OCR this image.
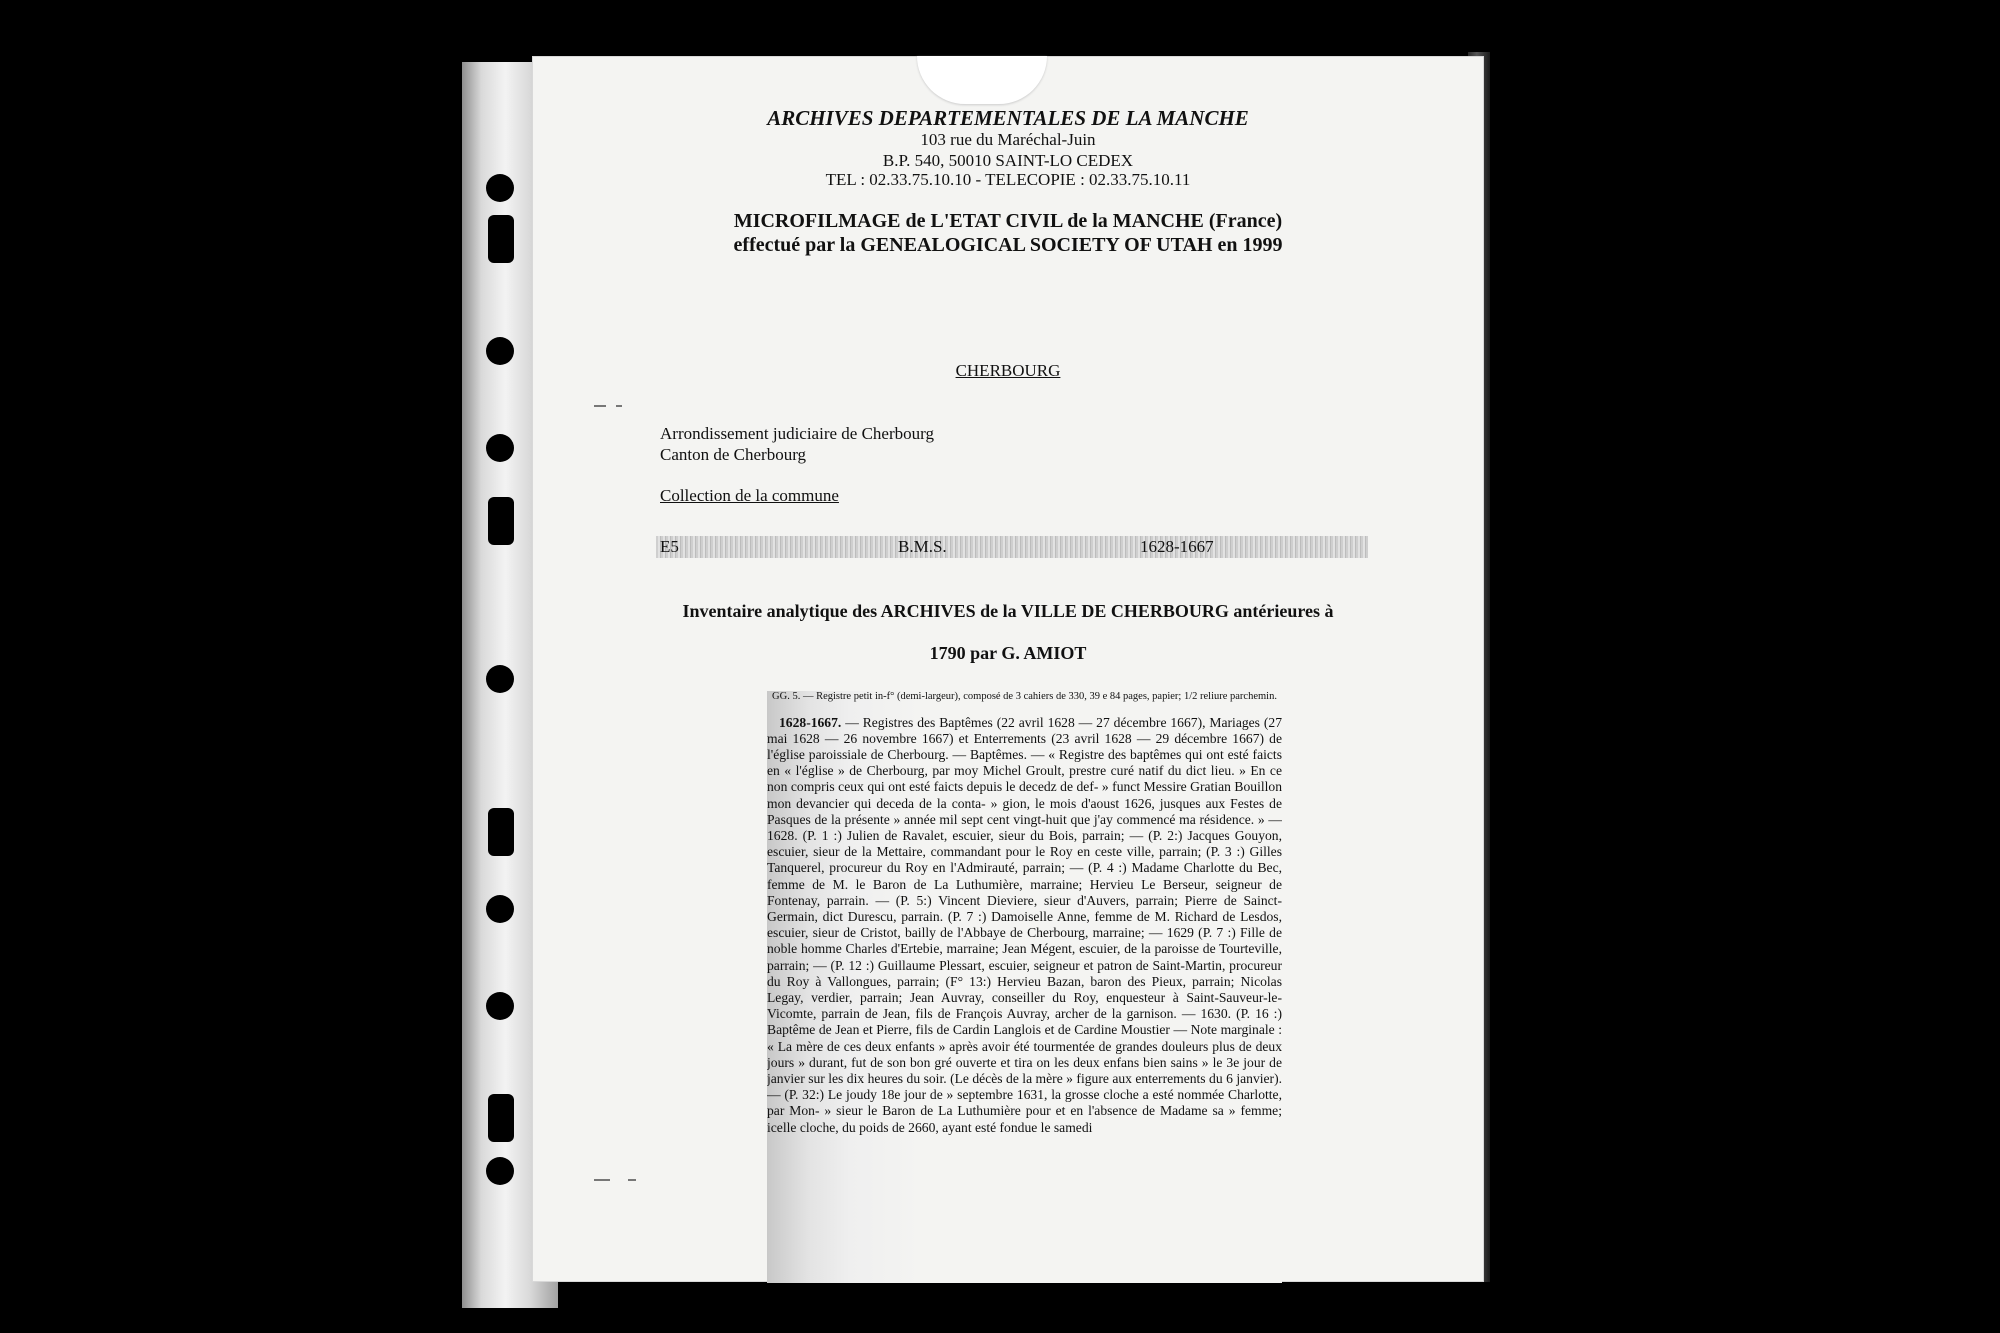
ARCHIVES DEPARTEMENTALES DE LA MANCHE
103 rue du Maréchal-Juin
B.P. 540, 50010 SAINT-LO CEDEX
TEL : 02.33.75.10.10 - TELECOPIE : 02.33.75.10.11
MICROFILMAGE de L'ETAT CIVIL de la MANCHE (France)
effectué par la GENEALOGICAL SOCIETY OF UTAH en 1999
CHERBOURG
Arrondissement judiciaire de Cherbourg
Canton de Cherbourg
Collection de la commune
E5	B.M.S.	1628-1667
Inventaire analytique des ARCHIVES de la VILLE DE CHERBOURG antérieures à
1790 par G. AMIOT
GG. 5. — Registre petit in-f° (demi-largeur), composé de 3 cahiers de 330, 39 e 84 pages, papier; 1/2 reliure parchemin.

1628-1667. — Registres des Baptêmes (22 avril 1628 — 27 décembre 1667), Mariages (27 mai 1628 — 26 novembre 1667) et Enterrements (23 avril 1628 — 29 décembre 1667) de l'église paroissiale de Cherbourg. — Baptêmes. — « Registre des baptêmes qui ont esté faicts en « l'église » de Cherbourg, par moy Michel Groult, prestre curé natif du dict lieu. » En ce non compris ceux qui ont esté faicts depuis le decedz de def- » funct Messire Gratian Bouillon mon devancier qui deceda de la conta- » gion, le mois d'aoust 1626, jusques aux Festes de Pasques de la présente » année mil sept cent vingt-huit que j'ay commencé ma résidence. » — 1628. (P. 1 :) Julien de Ravalet, escuier, sieur du Bois, parrain; — (P. 2:) Jacques Gouyon, escuier, sieur de la Mettaire, commandant pour le Roy en ceste ville, parrain; (P. 3 :) Gilles Tanquerel, procureur du Roy en l'Admirauté, parrain; — (P. 4 :) Madame Charlotte du Bec, femme de M. le Baron de La Luthumière, marraine; Hervieu Le Berseur, seigneur de Fontenay, parrain. — (P. 5:) Vincent Dieviere, sieur d'Auvers, parrain; Pierre de Sainct-Germain, dict Durescu, parrain. (P. 7 :) Damoiselle Anne, femme de M. Richard de Lesdos, escuier, sieur de Cristot, bailly de l'Abbaye de Cherbourg, marraine; — 1629 (P. 7 :) Fille de noble homme Charles d'Ertebie, marraine; Jean Mégent, escuier, de la paroisse de Tourteville, parrain; — (P. 12 :) Guillaume Plessart, escuier, seigneur et patron de Saint-Martin, procureur du Roy à Vallongues, parrain; (F° 13:) Hervieu Bazan, baron des Pieux, parrain; Nicolas Legay, verdier, parrain; Jean Auvray, conseiller du Roy, enquesteur à Saint-Sauveur-le-Vicomte, parrain de Jean, fils de François Auvray, archer de la garnison. — 1630. (P. 16 :) Baptême de Jean et Pierre, fils de Cardin Langlois et de Cardine Moustier — Note marginale : « La mère de ces deux enfants » après avoir été tourmentée de grandes douleurs plus de deux jours » durant, fut de son bon gré ouverte et tira on les deux enfans bien sains » le 3e jour de janvier sur les dix heures du soir. (Le décès de la mère » figure aux enterrements du 6 janvier). — (P. 32:) Le joudy 18e jour de » septembre 1631, la grosse cloche a esté nommée Charlotte, par Mon- » sieur le Baron de La Luthumière pour et en l'absence de Madame sa » femme; icelle cloche, du poids de 2660, ayant esté fondue le samedi
